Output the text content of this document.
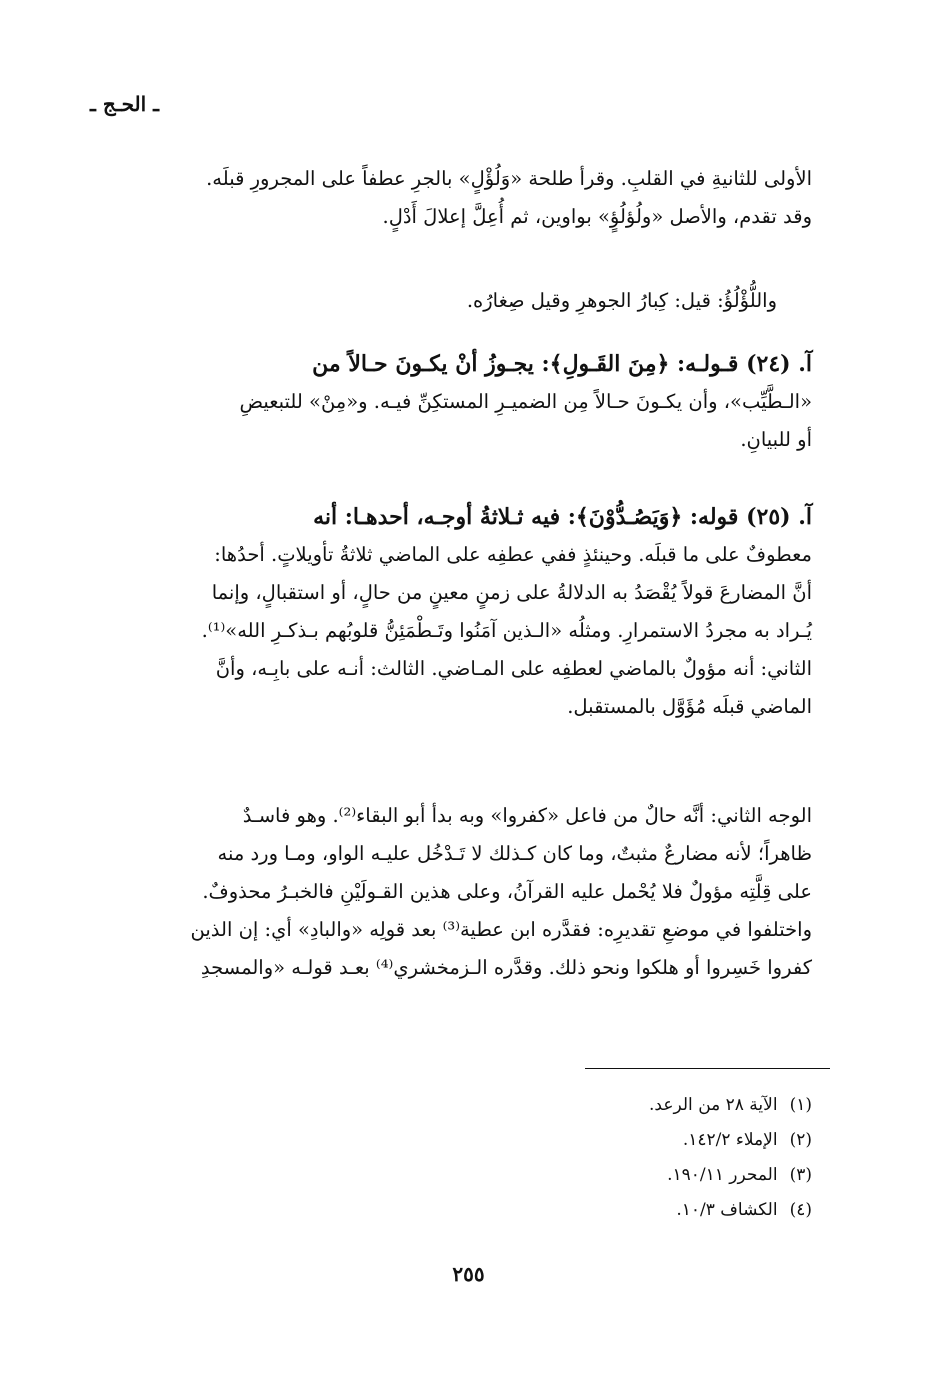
ـ الحـج ـ
الأولى للثانيةِ في القلبِ. وقرأ طلحة «وَلُؤْلٍ» بالجرِ عطفاً على المجرورِ قبلَه.
وقد تقدم، والأصل «ولُؤلُؤٍ» بواوين، ثم أُعِلَّ إعلالَ أَدْلٍ.
واللُّؤْلُؤُ: قيل: كِبارُ الجوهرِ وقيل صِغارُه.
آ. (٢٤) قـولـه: ﴿مِنَ القَـولِ﴾: يجـوزُ أنْ يكـونَ حـالاً من
«الـطَّيِّب»، وأن يكـونَ حـالاً مِن الضميـرِ المستكِنِّ فيـه. و«مِنْ» للتبعيضِ
أو للبيانِ.
آ. (٢٥) قوله: ﴿وَيَصُـدُّوْنَ﴾: فيه ثـلاثةُ أوجـه، أحدهـا: أنه
معطوفٌ على ما قبلَه. وحينئذٍ ففي عطفِه على الماضي ثلاثةُ تأويلاتٍ. أحدُها:
أنَّ المضارعَ قولاً يُقْصَدُ به الدلالةُ على زمنٍ معينٍ من حالٍ، أو استقبالٍ، وإنما
يُـراد به مجردُ الاستمرارِ. ومثلُه «الـذين آمَنُوا وتَـطْمَئِنُّ قلوبُهم بـذكـرِ الله»⁽¹⁾.
الثاني: أنه مؤولٌ بالماضي لعطفِه على المـاضي. الثالث: أنـه على بابِـه، وأنَّ
الماضي قبلَه مُؤَوَّل بالمستقبل.
الوجه الثاني: أنَّه حالٌ من فاعل «كفروا» وبه بدأ أبو البقاء⁽²⁾. وهو فاسـدٌ
ظاهراً؛ لأنه مضارعٌ مثبتٌ، وما كان كـذلك لا تَـدْخُل عليـه الواو، ومـا ورد منه
على قِلَّتِه مؤولٌ فلا يُحْمل عليه القرآنُ، وعلى هذين القـولَيْنِ فالخبـرُ محذوفٌ.
واختلفوا في موضعِ تقديرِه: فقدَّره ابن عطية⁽³⁾ بعد قولِه «والبادِ» أي: إن الذين
كفروا خَسِروا أو هلكوا ونحو ذلك. وقدَّره الـزمخشري⁽⁴⁾ بعـد قولـه «والمسجدِ
(١)الآية ٢٨ من الرعد.
(٢)الإملاء ١٤٢/٢.
(٣)المحرر ١٩٠/١١.
(٤)الكشاف ١٠/٣.
٢٥٥
